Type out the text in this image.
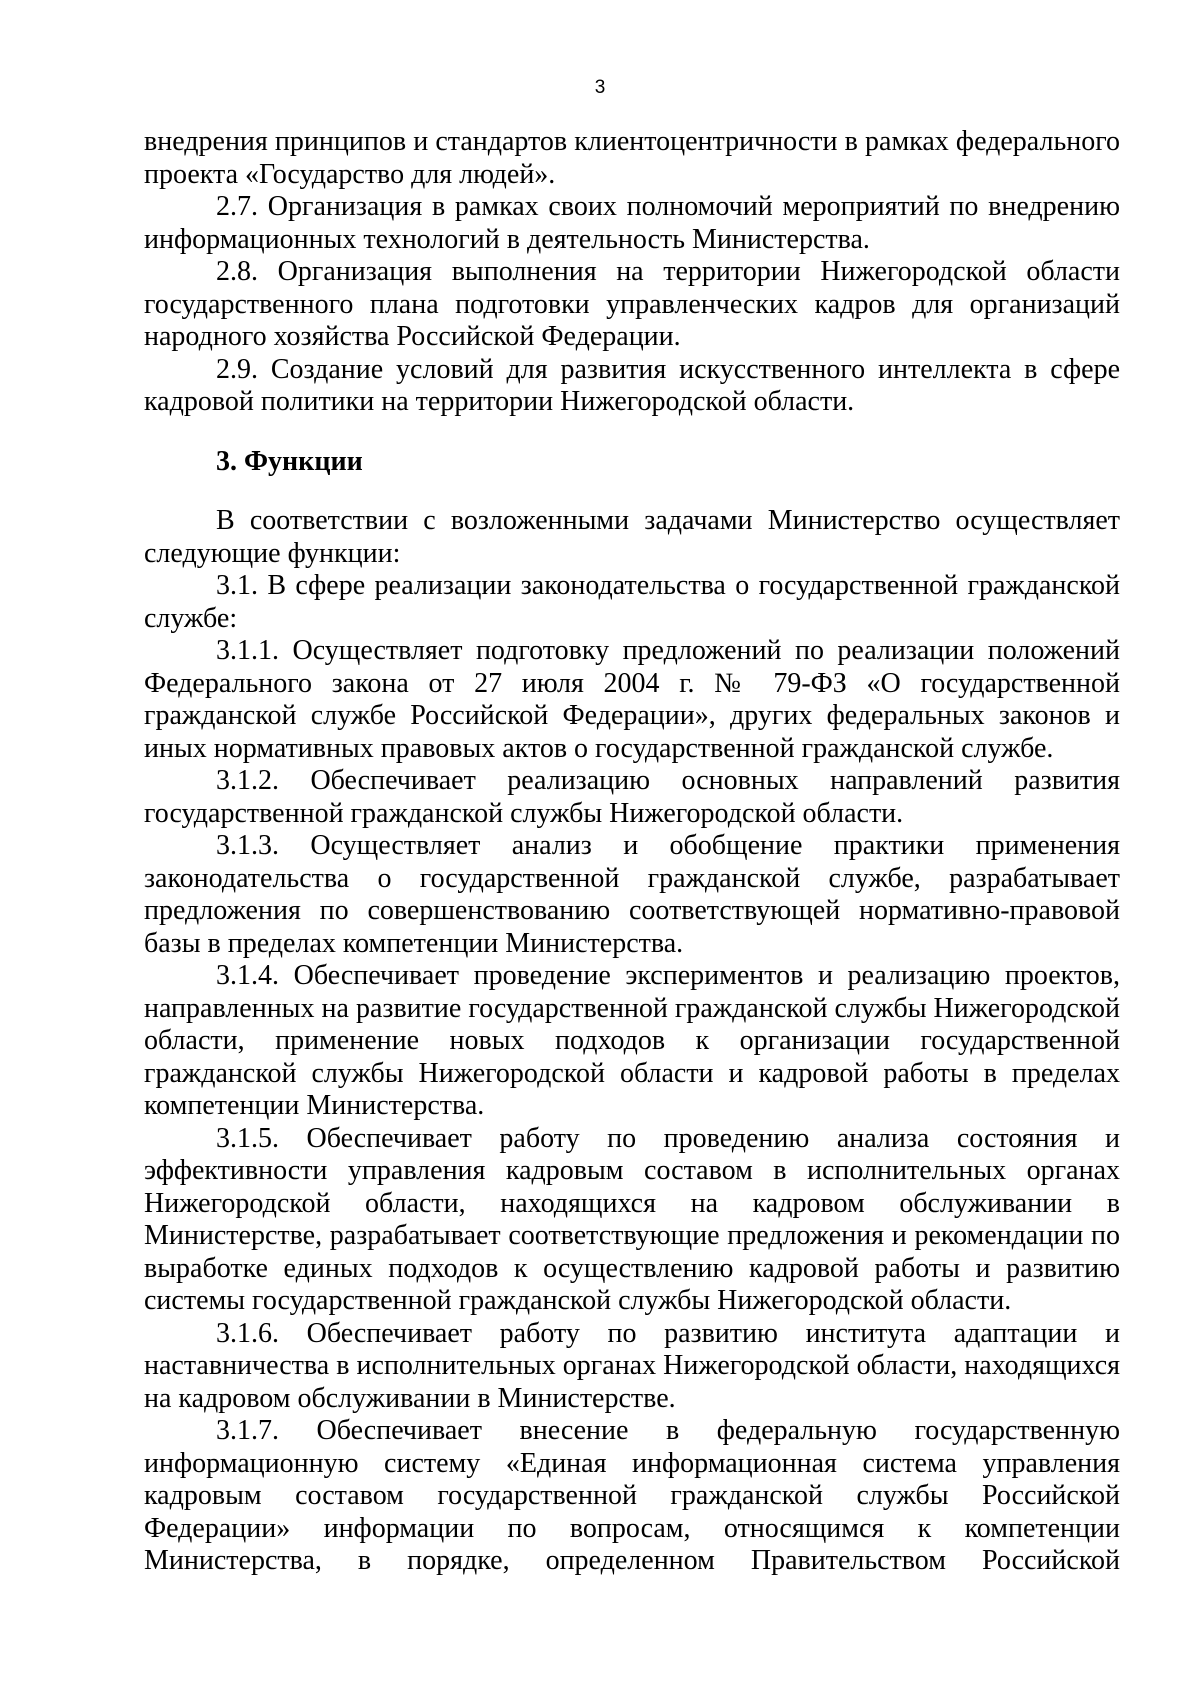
3

внедрения принципов и стандартов клиентоцентричности в рамках федерального проекта «Государство для людей».

2.7. Организация в рамках своих полномочий мероприятий по внедрению информационных технологий в деятельность Министерства.

2.8. Организация выполнения на территории Нижегородской области государственного плана подготовки управленческих кадров для организаций народного хозяйства Российской Федерации.

2.9. Создание условий для развития искусственного интеллекта в сфере кадровой политики на территории Нижегородской области.

3. Функции

В соответствии с возложенными задачами Министерство осуществляет следующие функции:

3.1. В сфере реализации законодательства о государственной гражданской службе:

3.1.1. Осуществляет подготовку предложений по реализации положений Федерального закона от 27 июля 2004 г. № 79-ФЗ «О государственной гражданской службе Российской Федерации», других федеральных законов и иных нормативных правовых актов о государственной гражданской службе.

3.1.2. Обеспечивает реализацию основных направлений развития государственной гражданской службы Нижегородской области.

3.1.3. Осуществляет анализ и обобщение практики применения законодательства о государственной гражданской службе, разрабатывает предложения по совершенствованию соответствующей нормативно-правовой базы в пределах компетенции Министерства.

3.1.4. Обеспечивает проведение экспериментов и реализацию проектов, направленных на развитие государственной гражданской службы Нижегородской области, применение новых подходов к организации государственной гражданской службы Нижегородской области и кадровой работы в пределах компетенции Министерства.

3.1.5. Обеспечивает работу по проведению анализа состояния и эффективности управления кадровым составом в исполнительных органах Нижегородской области, находящихся на кадровом обслуживании в Министерстве, разрабатывает соответствующие предложения и рекомендации по выработке единых подходов к осуществлению кадровой работы и развитию системы государственной гражданской службы Нижегородской области.

3.1.6. Обеспечивает работу по развитию института адаптации и наставничества в исполнительных органах Нижегородской области, находящихся на кадровом обслуживании в Министерстве.

3.1.7. Обеспечивает внесение в федеральную государственную информационную систему «Единая информационная система управления кадровым составом государственной гражданской службы Российской Федерации» информации по вопросам, относящимся к компетенции Министерства, в порядке, определенном Правительством Российской
